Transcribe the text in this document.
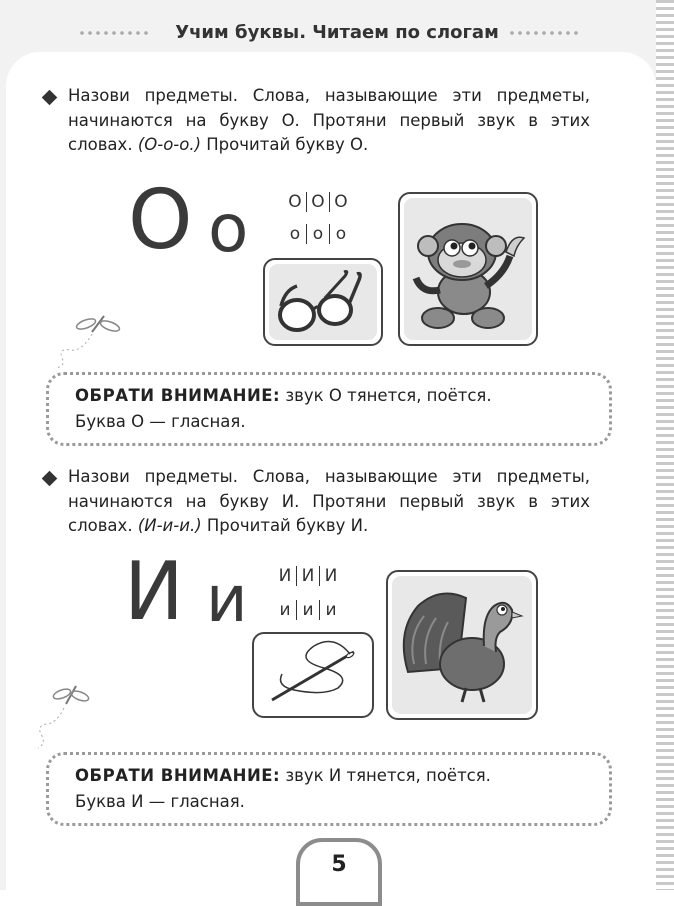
Учим буквы. Читаем по слогам
Назови предметы. Слова, называющие эти предметы, начинаются на букву О. Протяни первый звук в этих словах. (О-о-о.) Прочитай букву О.
О о О О О
о о о
ОБРАТИ ВНИМАНИЕ: звук О тянется, поётся.
Буква О — гласная.
Назови предметы. Слова, называющие эти предметы, начинаются на букву И. Протяни первый звук в этих словах. (И-и-и.) Прочитай букву И.
И и И И И
и и и
ОБРАТИ ВНИМАНИЕ: звук И тянется, поётся.
Буква И — гласная.
5
